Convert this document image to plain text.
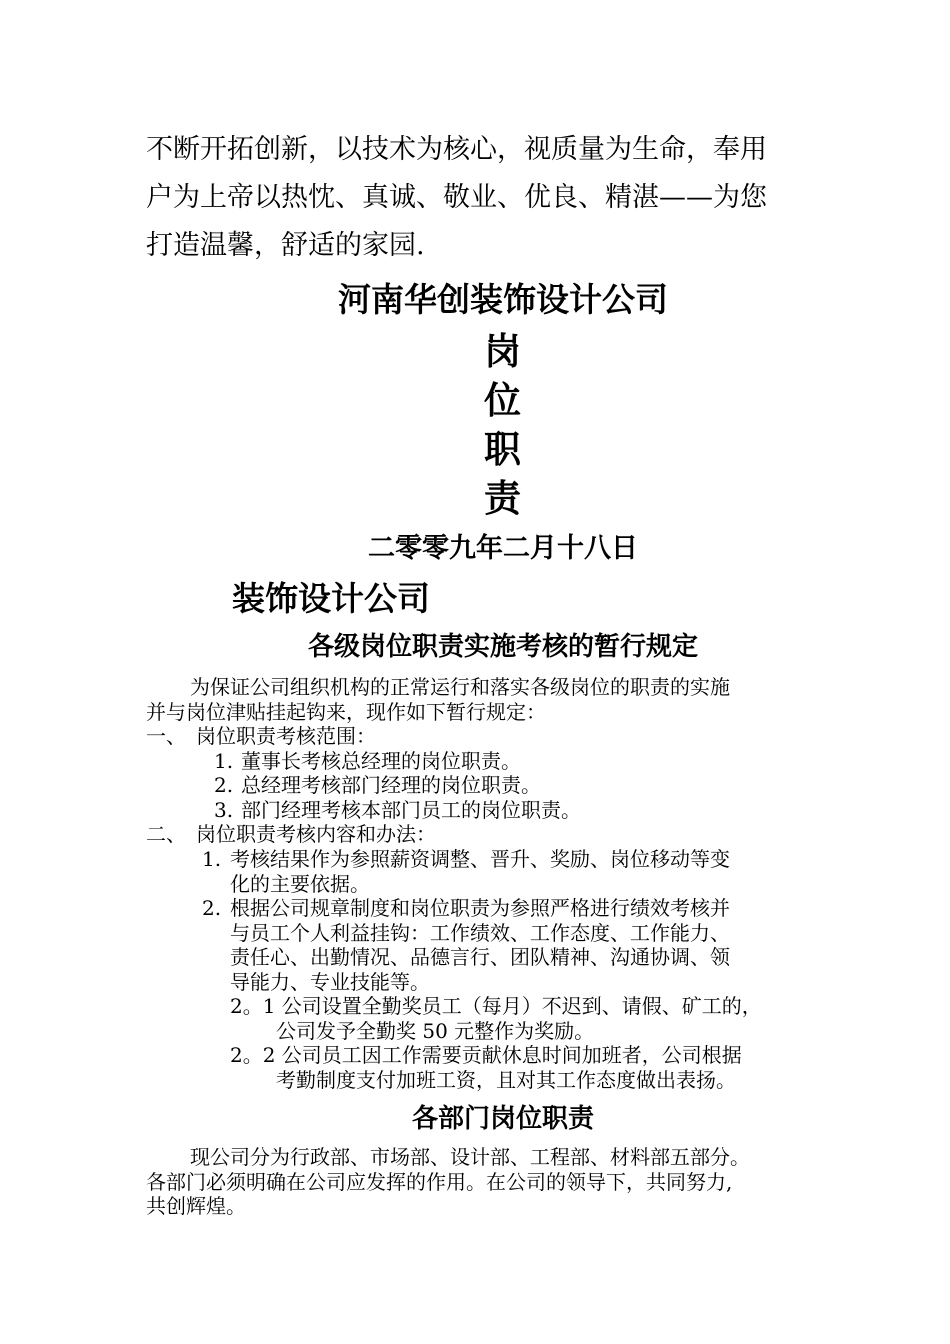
不断开拓创新，以技术为核心，视质量为生命，奉用
户为上帝以热忱、真诚、敬业、优良、精湛——为您
打造温馨，舒适的家园.
河南华创装饰设计公司
岗
位
职
责
二零零九年二月十八日
装饰设计公司
各级岗位职责实施考核的暂行规定
为保证公司组织机构的正常运行和落实各级岗位的职责的实施
并与岗位津贴挂起钩来，现作如下暂行规定：
一、 岗位职责考核范围：
1. 董事长考核总经理的岗位职责。
2. 总经理考核部门经理的岗位职责。
3. 部门经理考核本部门员工的岗位职责。
二、 岗位职责考核内容和办法：
1. 考核结果作为参照薪资调整、晋升、奖励、岗位移动等变
化的主要依据。
2. 根据公司规章制度和岗位职责为参照严格进行绩效考核并
与员工个人利益挂钩：工作绩效、工作态度、工作能力、
责任心、出勤情况、品德言行、团队精神、沟通协调、领
导能力、专业技能等。
2。1 公司设置全勤奖员工（每月）不迟到、请假、矿工的，
公司发予全勤奖 50 元整作为奖励。
2。2 公司员工因工作需要贡献休息时间加班者，公司根据
考勤制度支付加班工资，且对其工作态度做出表扬。
各部门岗位职责
现公司分为行政部、市场部、设计部、工程部、材料部五部分。
各部门必须明确在公司应发挥的作用。在公司的领导下，共同努力,
共创辉煌。
